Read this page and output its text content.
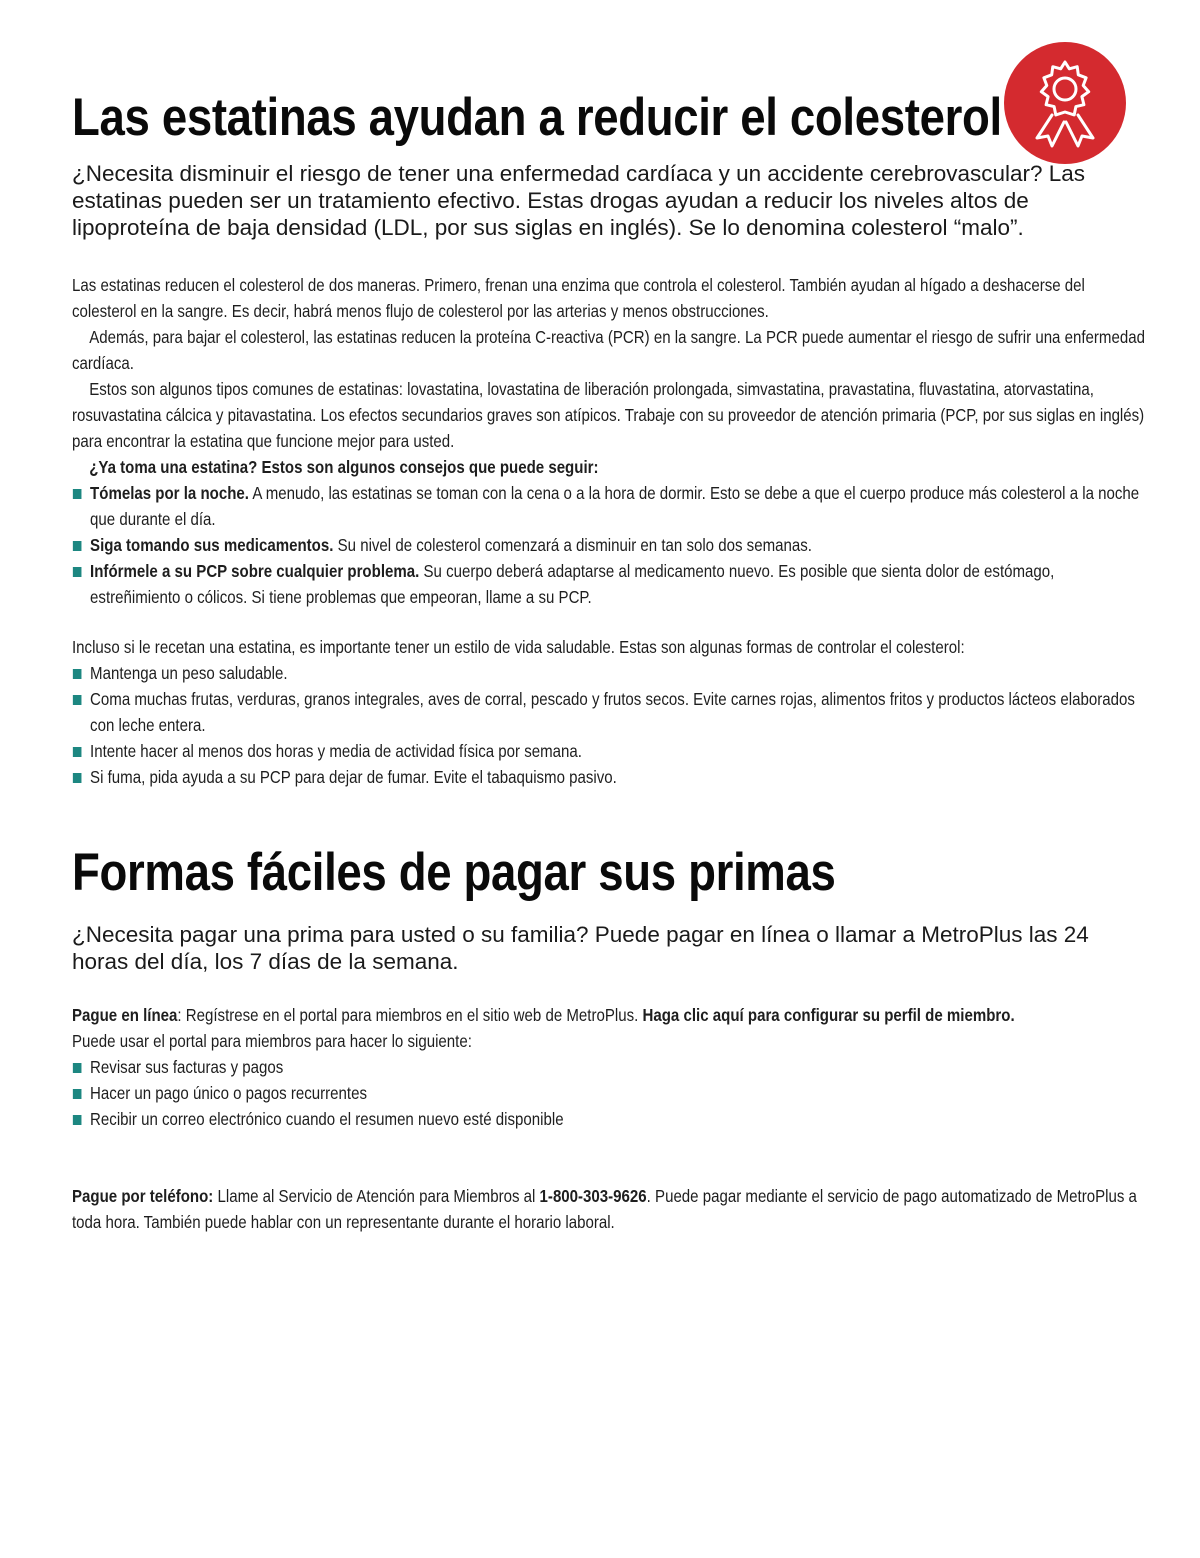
Las estatinas ayudan a reducir el colesterol

¿Necesita disminuir el riesgo de tener una enfermedad cardíaca y un accidente cerebrovascular? Las estatinas pueden ser un tratamiento efectivo. Estas drogas ayudan a reducir los niveles altos de lipoproteína de baja densidad (LDL, por sus siglas en inglés). Se lo denomina colesterol “malo”.

Las estatinas reducen el colesterol de dos maneras. Primero, frenan una enzima que controla el colesterol. También ayudan al hígado a deshacerse del colesterol en la sangre. Es decir, habrá menos flujo de colesterol por las arterias y menos obstrucciones.

Además, para bajar el colesterol, las estatinas reducen la proteína C-reactiva (PCR) en la sangre. La PCR puede aumentar el riesgo de sufrir una enfermedad cardíaca.

Estos son algunos tipos comunes de estatinas: lovastatina, lovastatina de liberación prolongada, simvastatina, pravastatina, fluvastatina, atorvastatina, rosuvastatina cálcica y pitavastatina. Los efectos secundarios graves son atípicos. Trabaje con su proveedor de atención primaria (PCP, por sus siglas en inglés) para encontrar la estatina que funcione mejor para usted.

¿Ya toma una estatina? Estos son algunos consejos que puede seguir:

Tómelas por la noche. A menudo, las estatinas se toman con la cena o a la hora de dormir. Esto se debe a que el cuerpo produce más colesterol a la noche que durante el día.
Siga tomando sus medicamentos. Su nivel de colesterol comenzará a disminuir en tan solo dos semanas.
Infórmele a su PCP sobre cualquier problema. Su cuerpo deberá adaptarse al medicamento nuevo. Es posible que sienta dolor de estómago, estreñimiento o cólicos. Si tiene problemas que empeoran, llame a su PCP.

Incluso si le recetan una estatina, es importante tener un estilo de vida saludable. Estas son algunas formas de controlar el colesterol:

Mantenga un peso saludable.
Coma muchas frutas, verduras, granos integrales, aves de corral, pescado y frutos secos. Evite carnes rojas, alimentos fritos y productos lácteos elaborados con leche entera.
Intente hacer al menos dos horas y media de actividad física por semana.
Si fuma, pida ayuda a su PCP para dejar de fumar. Evite el tabaquismo pasivo.
Formas fáciles de pagar sus primas

¿Necesita pagar una prima para usted o su familia? Puede pagar en línea o llamar a MetroPlus las 24 horas del día, los 7 días de la semana.

Pague en línea: Regístrese en el portal para miembros en el sitio web de MetroPlus. Haga clic aquí para configurar su perfil de miembro.

Puede usar el portal para miembros para hacer lo siguiente:

Revisar sus facturas y pagos
Hacer un pago único o pagos recurrentes
Recibir un correo electrónico cuando el resumen nuevo esté disponible

Pague por teléfono: Llame al Servicio de Atención para Miembros al 1-800-303-9626. Puede pagar mediante el servicio de pago automatizado de MetroPlus a toda hora. También puede hablar con un representante durante el horario laboral.
